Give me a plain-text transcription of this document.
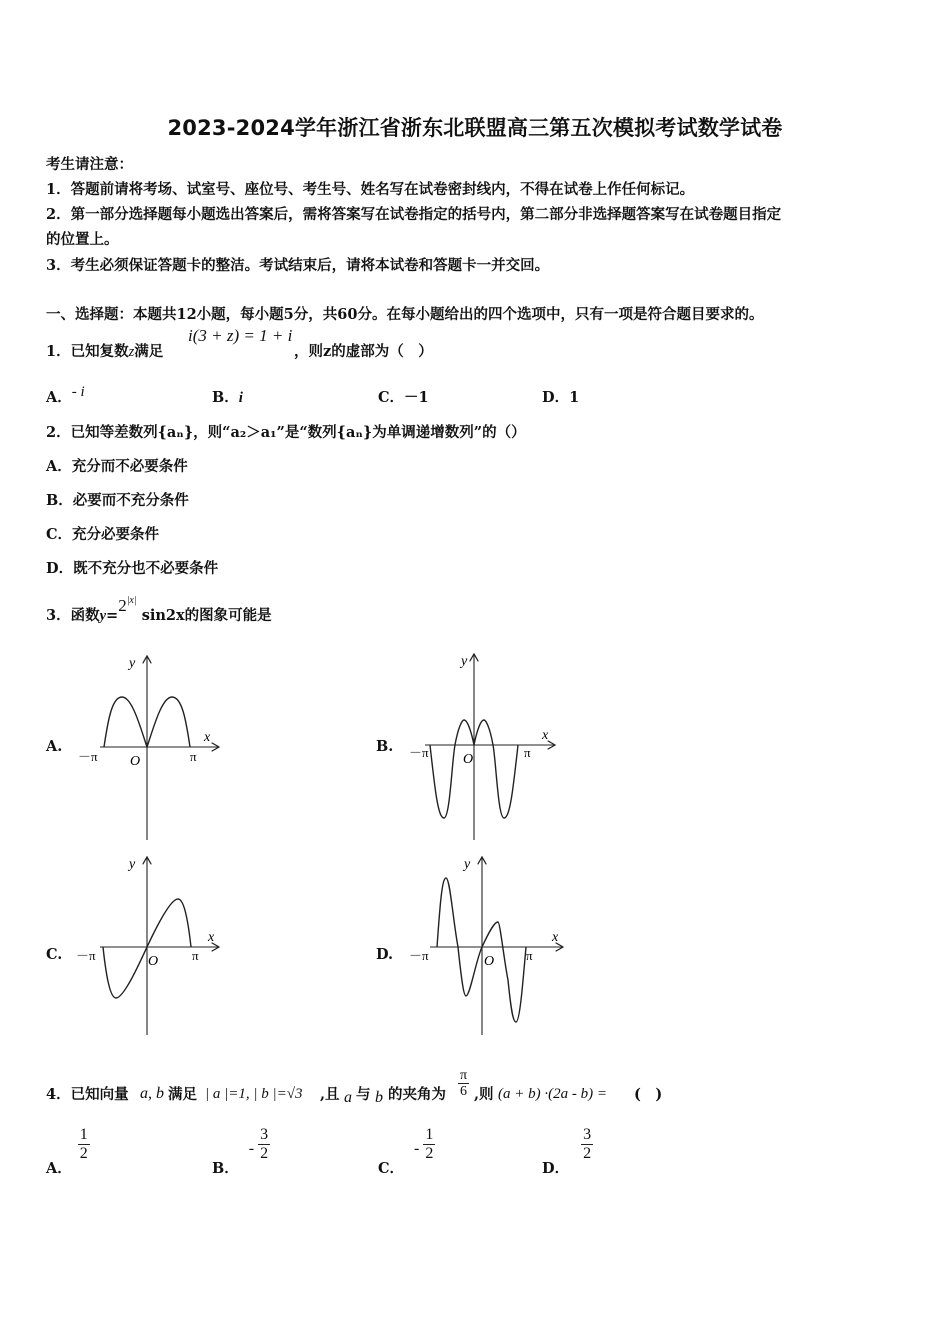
2023-2024学年浙江省浙东北联盟高三第五次模拟考试数学试卷
考生请注意：
1．答题前请将考场、试室号、座位号、考生号、姓名写在试卷密封线内，不得在试卷上作任何标记。
2．第一部分选择题每小题选出答案后，需将答案写在试卷指定的括号内，第二部分非选择题答案写在试卷题目指定
的位置上。
3．考生必须保证答题卡的整洁。考试结束后，请将本试卷和答题卡一并交回。
一、选择题：本题共12小题，每小题5分，共60分。在每小题给出的四个选项中，只有一项是符合题目要求的。
1．已知复数z满足
i(3 + z) = 1 + i
，则z的虚部为（　）
A．- i	B．i	C．－1	D．1
2．已知等差数列{aₙ}，则“a₂＞a₁”是“数列{aₙ}为单调递增数列”的（）
A．充分而不必要条件
B．必要而不充分条件
C．充分必要条件
D．既不充分也不必要条件
3．函数$y=2^{|x|}$ sin2x的图象可能是
A.	B.
C.	D.
y
x
O
－π	π
y
x
O
－π	π
y
x
O
－π	π
y
x
O
－π	π
4．已知向量 a, b 满足 | a |=1, | b |=√3 ,且 a 与 b 的夹角为 $\frac{\pi}{6}$ ,则 (a + b) ·(2a - b) = (　)
A．
$\frac{1}{2}$
B．- $\frac{3}{2}$
C．- $\frac{1}{2}$
D．
$\frac{3}{2}$
